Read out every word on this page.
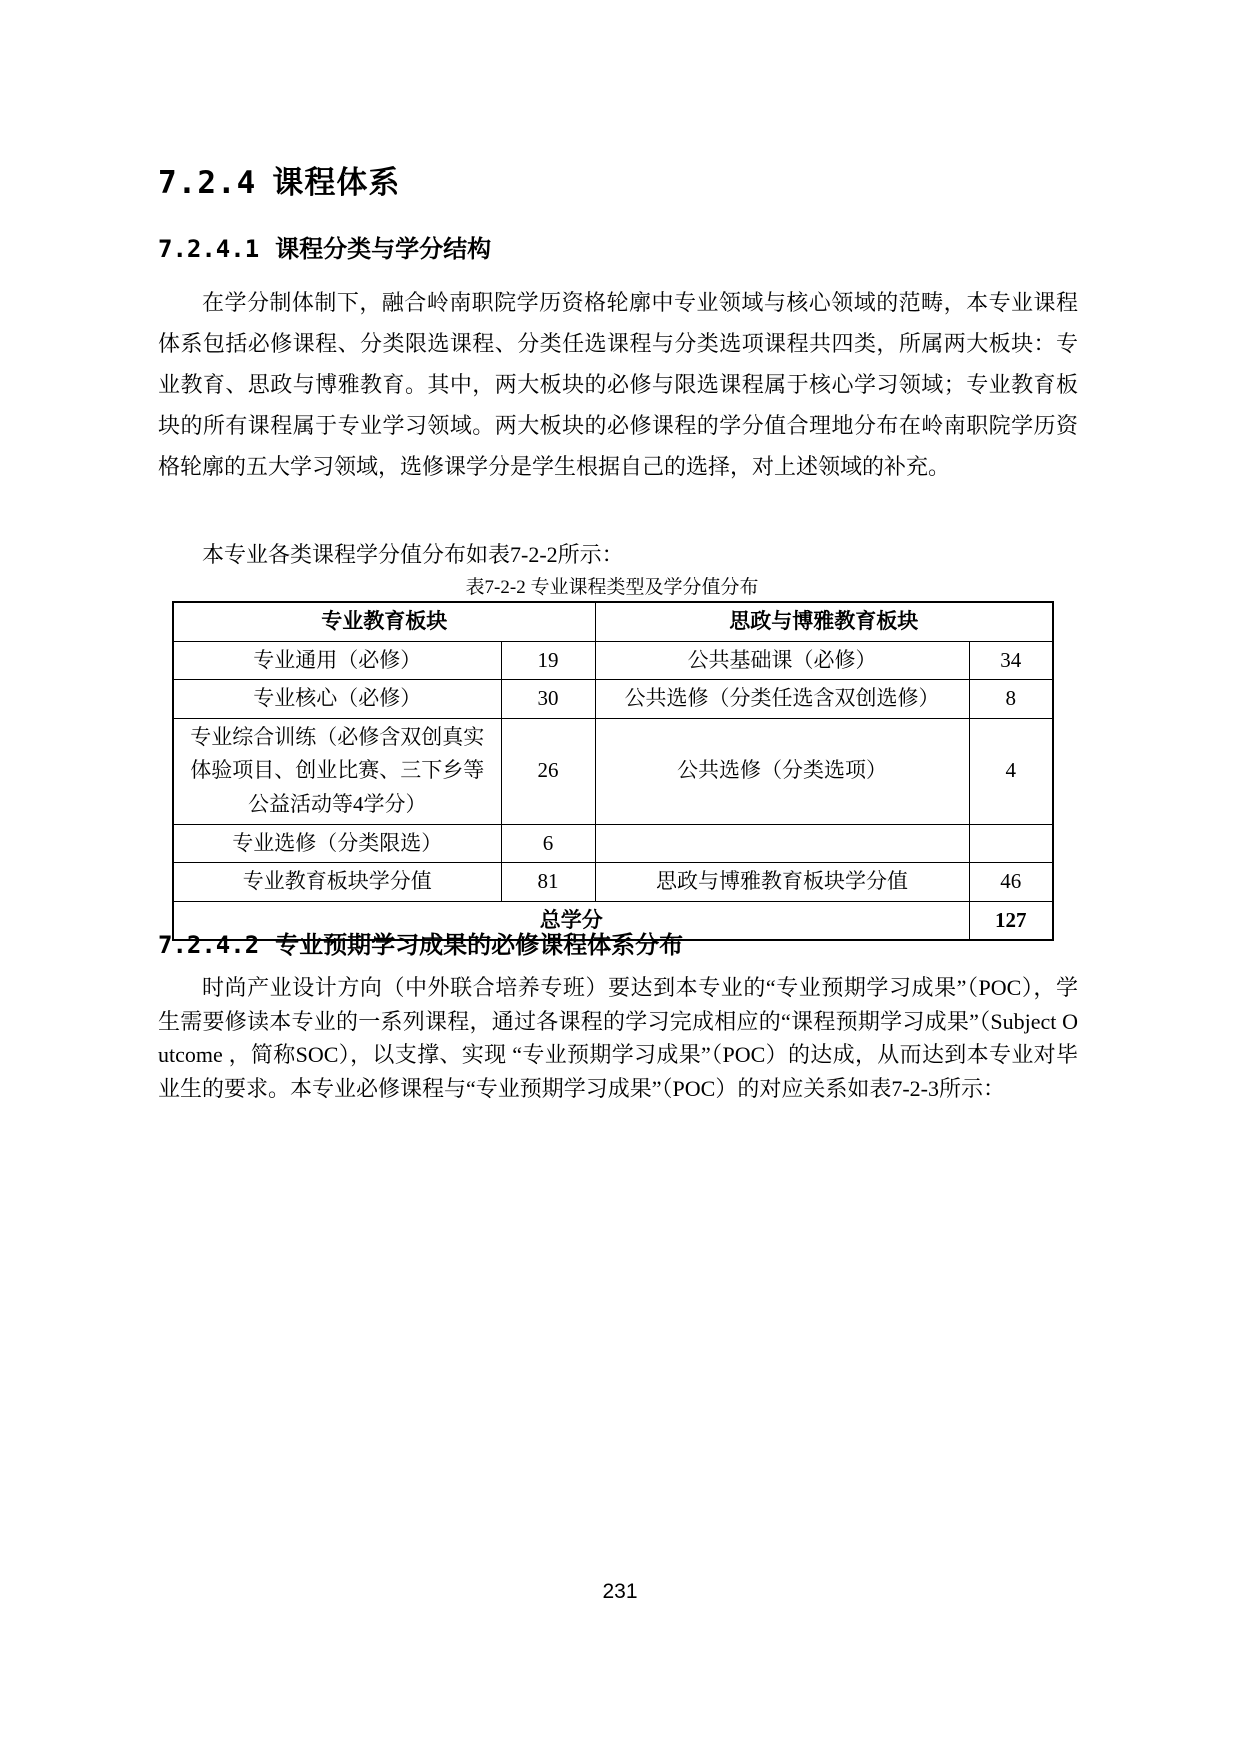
7.2.4 课程体系
7.2.4.1 课程分类与学分结构

在学分制体制下，融合岭南职院学历资格轮廓中专业领域与核心领域的范畴，本专业课程体系包括必修课程、分类限选课程、分类任选课程与分类选项课程共四类，所属两大板块：专业教育、思政与博雅教育。其中，两大板块的必修与限选课程属于核心学习领域；专业教育板块的所有课程属于专业学习领域。两大板块的必修课程的学分值合理地分布在岭南职院学历资格轮廓的五大学习领域，选修课学分是学生根据自己的选择，对上述领域的补充。

本专业各类课程学分值分布如表7-2-2所示：

表7-2-2 专业课程类型及学分值分布
专业教育板块		思政与博雅教育板块	
专业通用（必修）	19	公共基础课（必修）	34
专业核心（必修）	30	公共选修（分类任选含双创选修）	8
专业综合训练（必修含双创真实体验项目、创业比赛、三下乡等公益活动等4学分）	26	公共选修（分类选项）	4
专业选修（分类限选）	6		
专业教育板块学分值	81	思政与博雅教育板块学分值	46
总学分			127
7.2.4.2 专业预期学习成果的必修课程体系分布

时尚产业设计方向（中外联合培养专班）要达到本专业的“专业预期学习成果”（POC），学生需要修读本专业的一系列课程，通过各课程的学习完成相应的“课程预期学习成果”（Subject Outcome ，简称SOC），以支撑、实现 “专业预期学习成果”（POC）的达成，从而达到本专业对毕业生的要求。本专业必修课程与“专业预期学习成果”（POC）的对应关系如表7-2-3所示：

231
